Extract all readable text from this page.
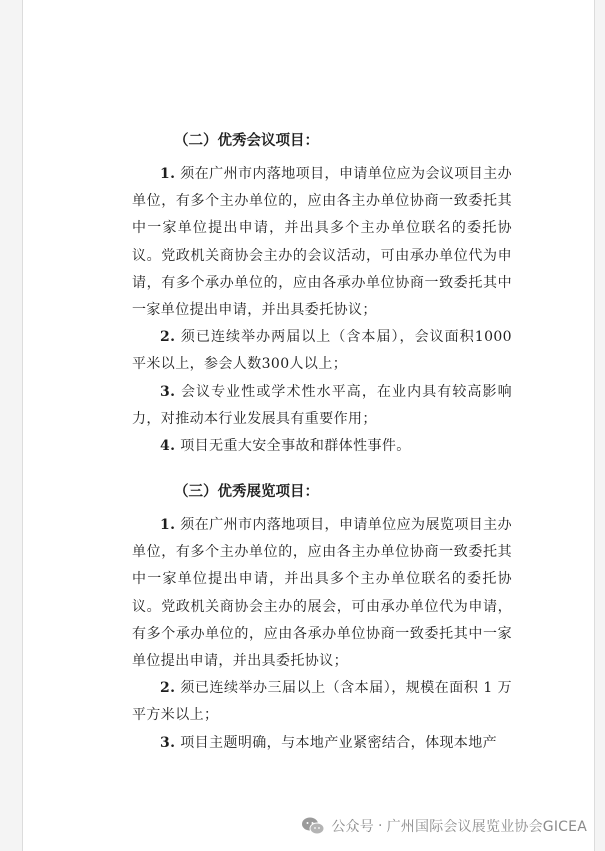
（二）优秀会议项目：

1. 须在广州市内落地项目，申请单位应为会议项目主办单位，有多个主办单位的，应由各主办单位协商一致委托其中一家单位提出申请，并出具多个主办单位联名的委托协议。党政机关商协会主办的会议活动，可由承办单位代为申请，有多个承办单位的，应由各承办单位协商一致委托其中一家单位提出申请，并出具委托协议；

2. 须已连续举办两届以上（含本届），会议面积1000平米以上，参会人数300人以上；

3. 会议专业性或学术性水平高，在业内具有较高影响力，对推动本行业发展具有重要作用；

4. 项目无重大安全事故和群体性事件。

（三）优秀展览项目：

1. 须在广州市内落地项目，申请单位应为展览项目主办单位，有多个主办单位的，应由各主办单位协商一致委托其中一家单位提出申请，并出具多个主办单位联名的委托协议。党政机关商协会主办的展会，可由承办单位代为申请，有多个承办单位的，应由各承办单位协商一致委托其中一家单位提出申请，并出具委托协议；

2. 须已连续举办三届以上（含本届），规模在面积 1 万平方米以上；

3. 项目主题明确，与本地产业紧密结合，体现本地产

公众号 · 广州国际会议展览业协会GICEA
